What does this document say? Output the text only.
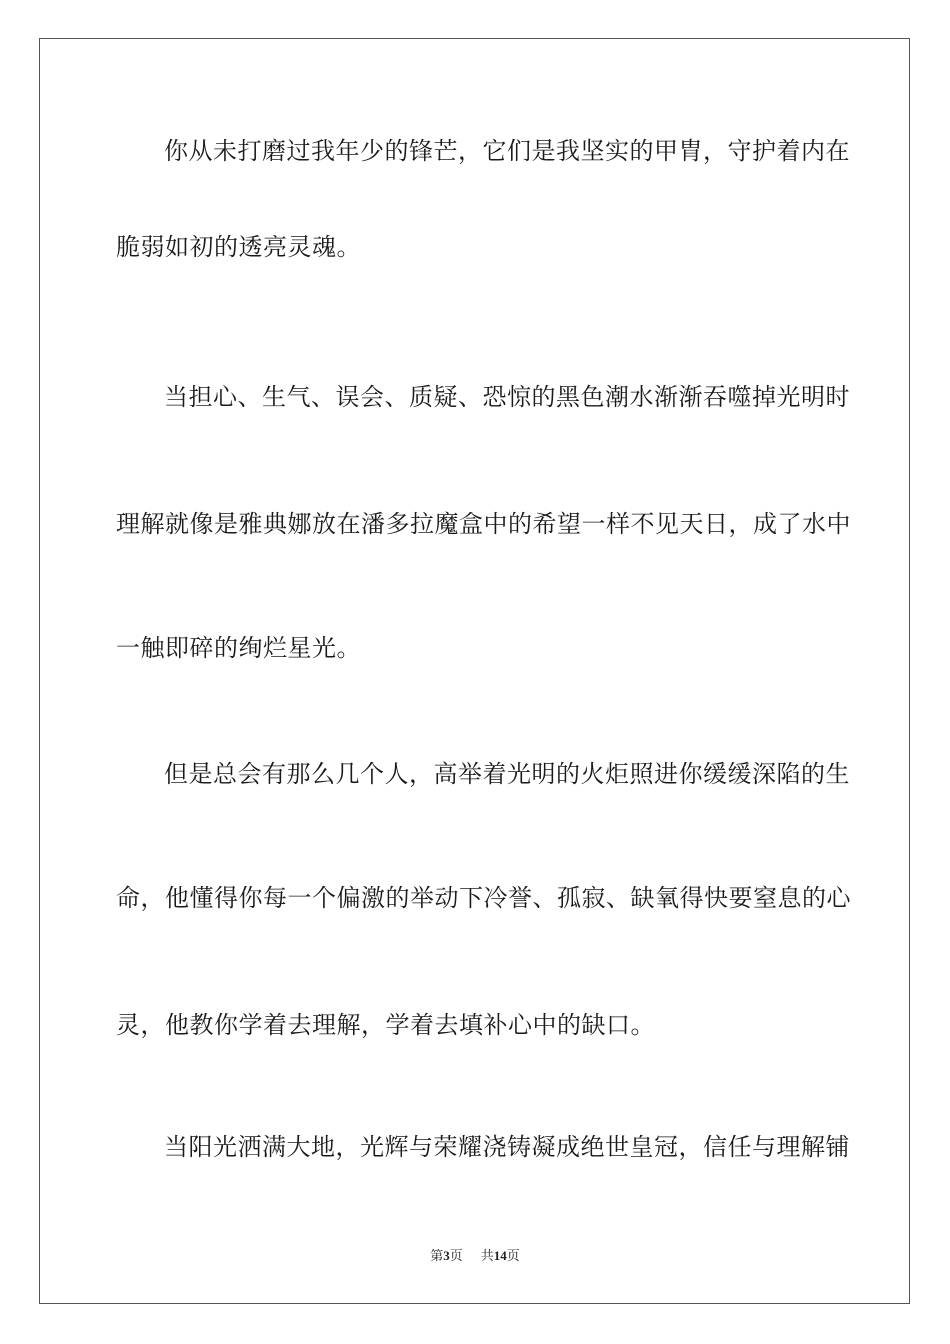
你从未打磨过我年少的锋芒，它们是我坚实的甲胄，守护着内在
脆弱如初的透亮灵魂。
当担心、生气、误会、质疑、恐惊的黑色潮水渐渐吞噬掉光明时
理解就像是雅典娜放在潘多拉魔盒中的希望一样不见天日，成了水中
一触即碎的绚烂星光。
但是总会有那么几个人，高举着光明的火炬照进你缓缓深陷的生
命，他懂得你每一个偏激的举动下冷誉、孤寂、缺氧得快要窒息的心
灵，他教你学着去理解，学着去填补心中的缺口。
当阳光洒满大地，光辉与荣耀浇铸凝成绝世皇冠，信任与理解铺
第3页 共14页
